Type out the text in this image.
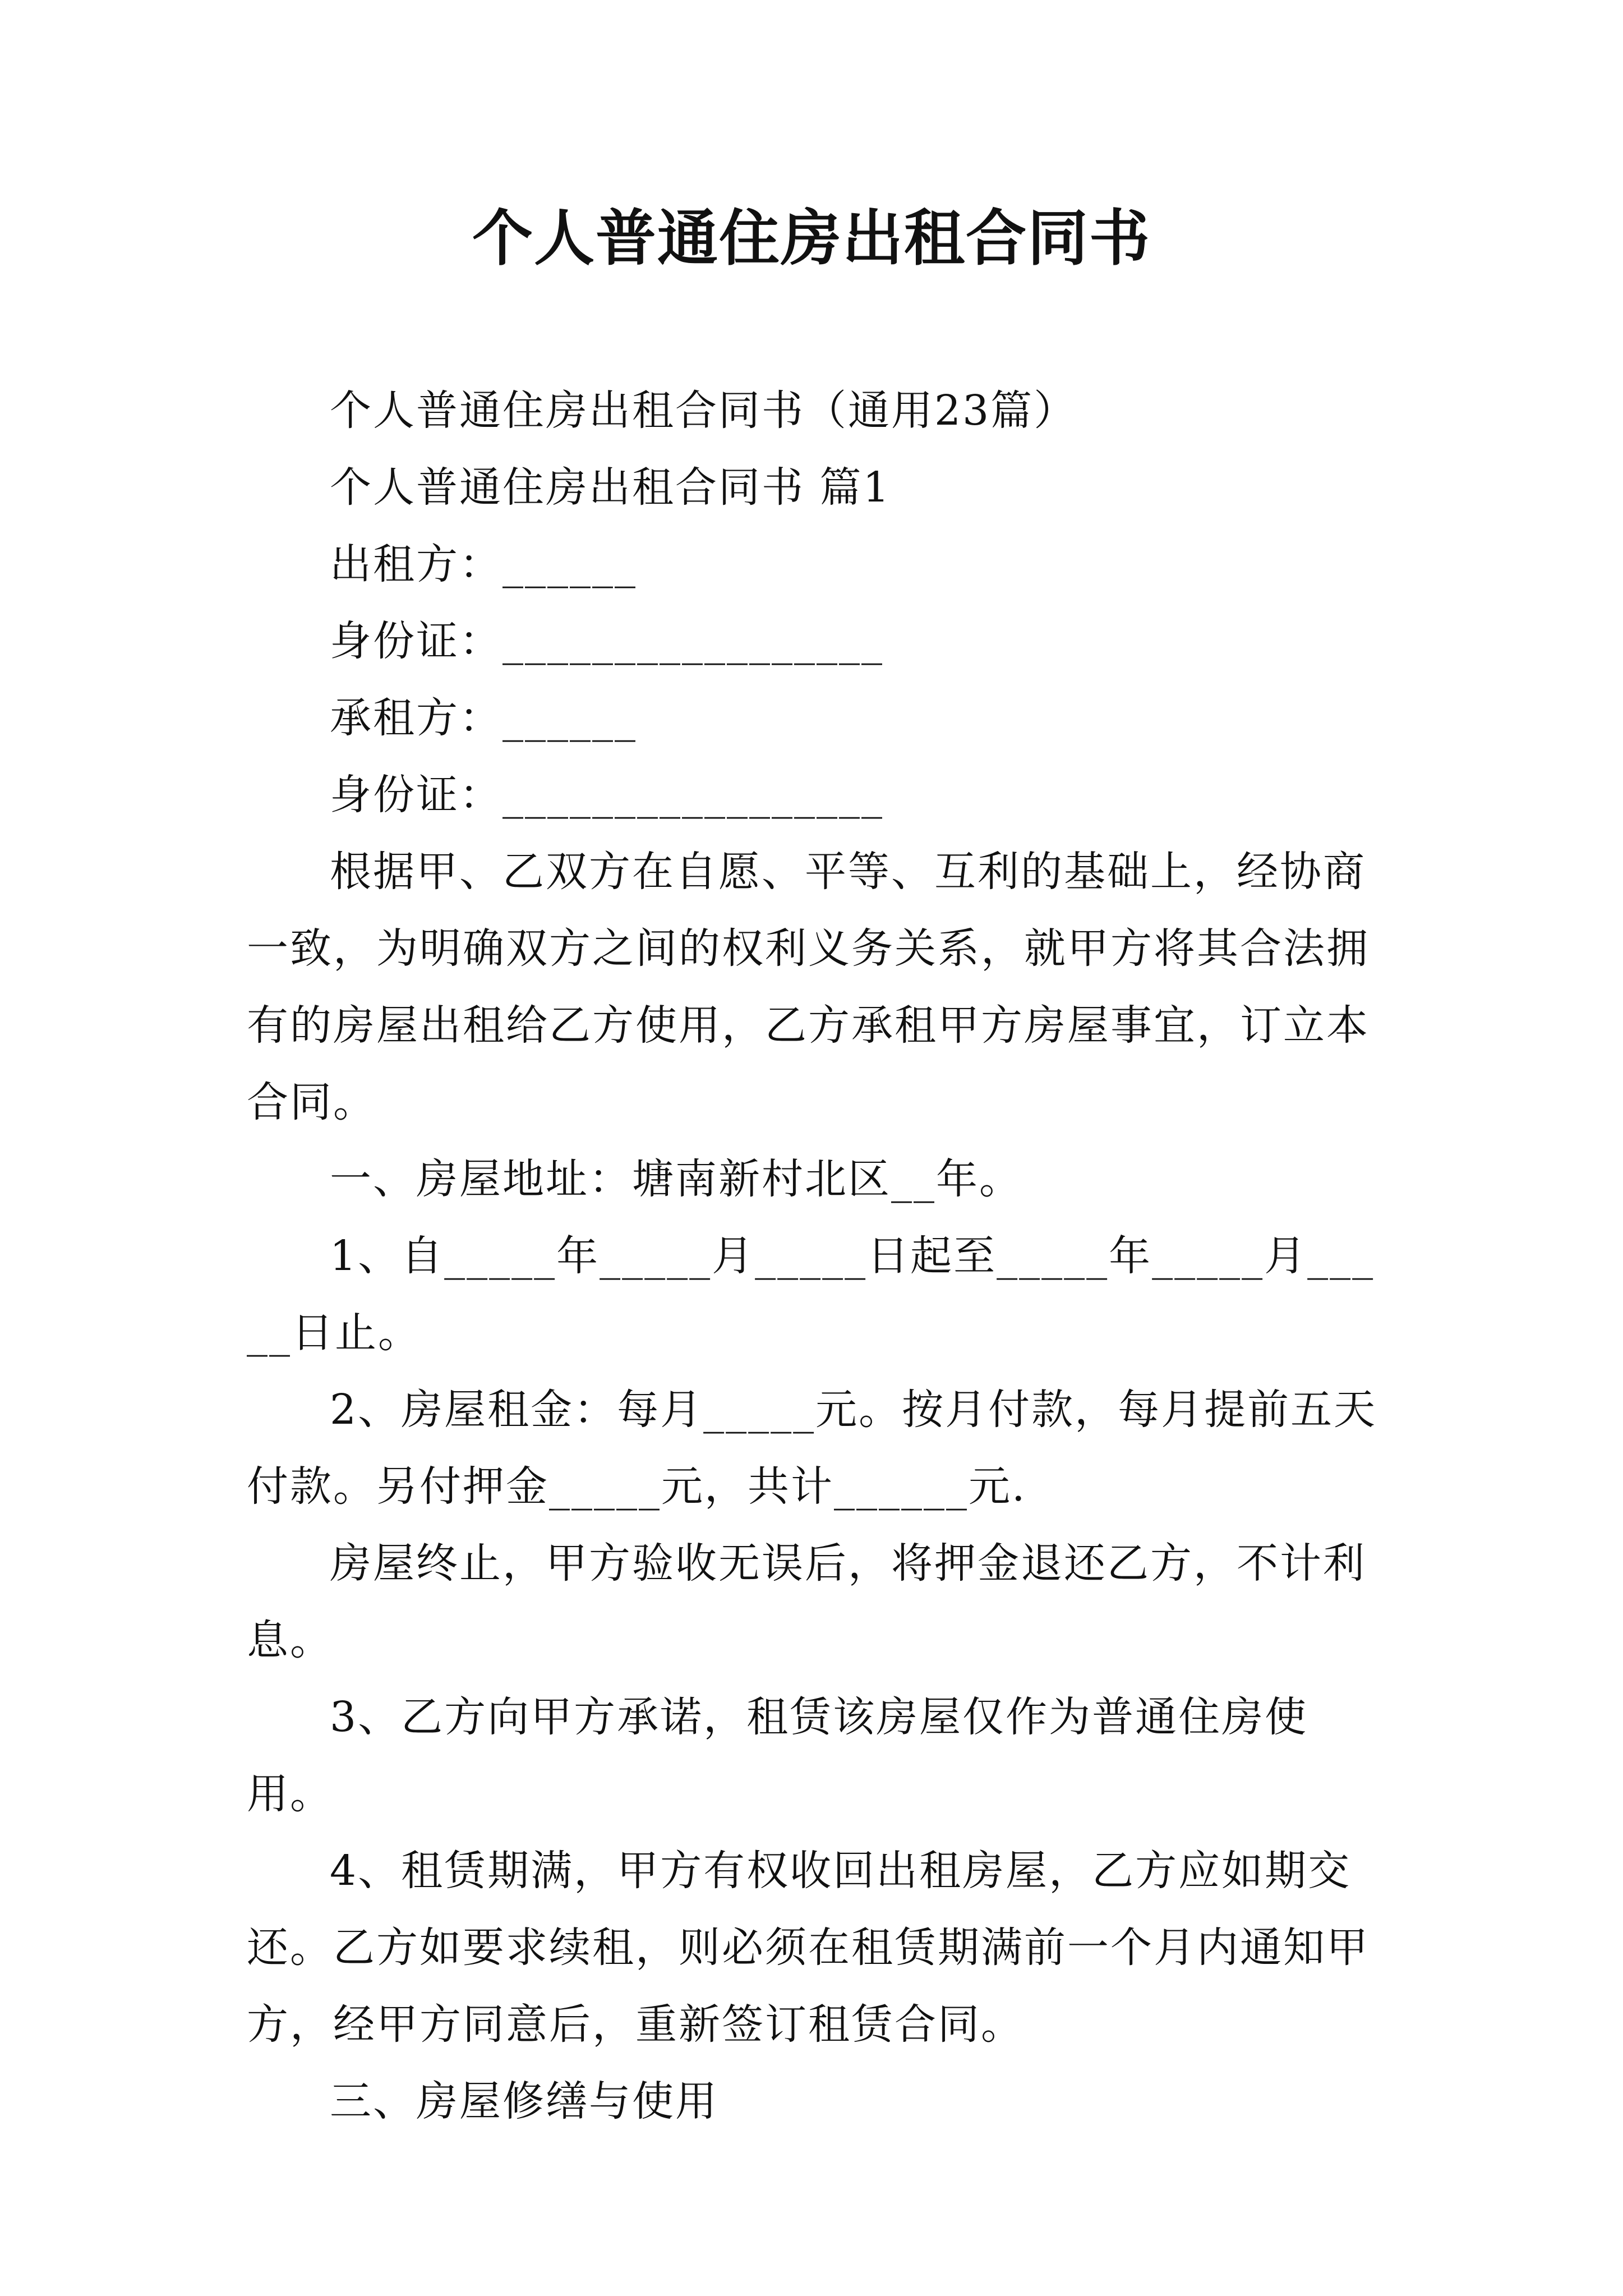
个人普通住房出租合同书

个人普通住房出租合同书（通用23篇）

个人普通住房出租合同书 篇1

出租方：______

身份证：_________________

承租方：______

身份证：_________________

根据甲、乙双方在自愿、平等、互利的基础上，经协商一致，为明确双方之间的权利义务关系，就甲方将其合法拥有的房屋出租给乙方使用，乙方承租甲方房屋事宜，订立本合同。

一、房屋地址：塘南新村北区__年。

1、自_____年_____月_____日起至_____年_____月_____日止。

2、房屋租金：每月_____元。按月付款，每月提前五天付款。另付押金_____元，共计______元.

房屋终止，甲方验收无误后，将押金退还乙方，不计利息。

3、乙方向甲方承诺，租赁该房屋仅作为普通住房使用。

4、租赁期满，甲方有权收回出租房屋，乙方应如期交还。乙方如要求续租，则必须在租赁期满前一个月内通知甲方，经甲方同意后，重新签订租赁合同。

三、房屋修缮与使用
